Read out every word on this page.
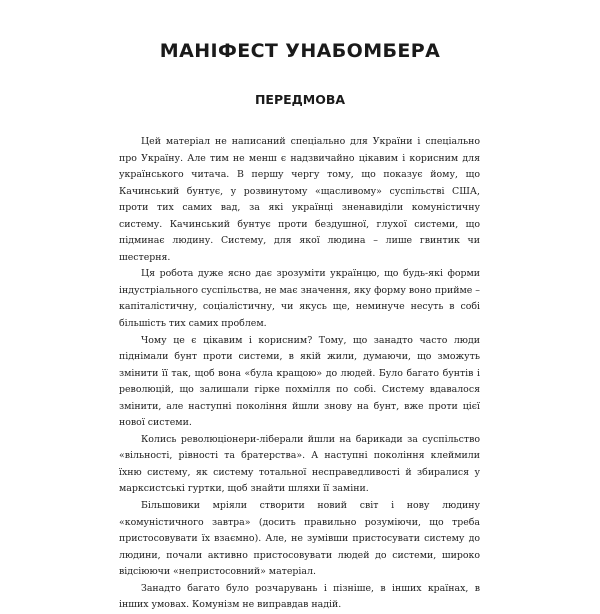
МАНІФЕСТ УНАБОМБЕРА
ПЕРЕДМОВА

Цей матеріал не написаний спеціально для України і спеціально про Україну. Але тим не менш є надзвичайно цікавим і корисним для українського читача. В першу чергу тому, що показує йому, що Качинський бунтує, у розвинутому «щасливому» суспільстві США, проти тих самих вад, за які українці зненавиділи комуністичну систему. Качинський бунтує проти бездушної, глухої системи, що підминає людину. Систему, для якої людина – лише гвинтик чи шестерня.

Ця робота дуже ясно дає зрозуміти українцю, що будь-які форми індустріального суспільства, не має значення, яку форму воно прийме – капіталістичну, соціалістичну, чи якусь ще, неминуче несуть в собі більшість тих самих проблем.

Чому це є цікавим і корисним? Тому, що занадто часто люди піднімали бунт проти системи, в якій жили, думаючи, що зможуть змінити її так, щоб вона «була кращою» до людей. Було багато бунтів і революцій, що залишали гірке похмілля по собі. Систему вдавалося змінити, але наступні покоління йшли знову на бунт, вже проти цієї нової системи.

Колись революціонери-ліберали йшли на барикади за суспільство «вільності, рівності та братерства». А наступні покоління клеймили їхню систему, як систему тотальної несправедливості й збиралися у марксистські гуртки, щоб знайти шляхи її заміни.

Більшовики мріяли створити новий світ і нову людину «комуністичного завтра» (досить правильно розуміючи, що треба пристосовувати їх взаємно). Але, не зумівши пристосувати систему до людини, почали активно пристосовувати людей до системи, широко відсіюючи «непристосовний» матеріал.

Занадто багато було розчарувань і пізніше, в інших країнах, в інших умовах. Комунізм не виправдав надій.
